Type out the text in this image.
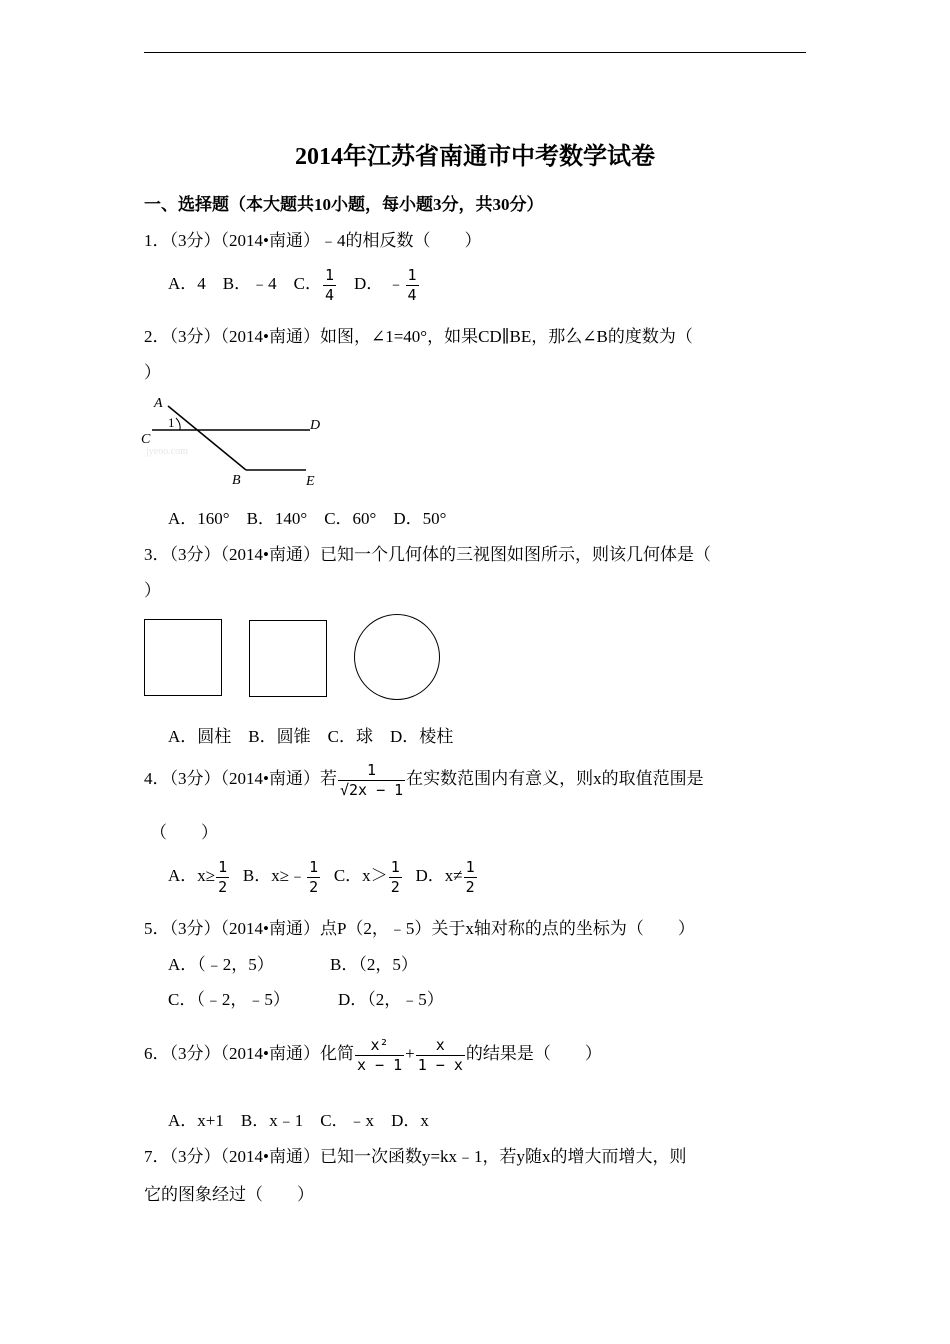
2014年江苏省南通市中考数学试卷
一、选择题（本大题共10小题，每小题3分，共30分）
1．（3分）（2014•南通）﹣4的相反数（　　）
A．4 B．﹣4 C． $\frac{1}{4}$ D． ﹣ $\frac{1}{4}$
2．（3分）（2014•南通）如图，∠1=40°，如果CD∥BE，那么∠B的度数为（
）
A
C
D
B	E
1
jyeoo.com
A．160° B．140° C．60° D．50°
3．（3分）（2014•南通）已知一个几何体的三视图如图所示，则该几何体是（
）
A．圆柱 B．圆锥 C．球 D．棱柱
4．（3分）（2014•南通）若 $\frac{1}{√2x - 1}$ 在实数范围内有意义，则x的取值范围是
（　　）
A．$x\ge \frac{1}{2}$ B．x≥﹣ $\frac{1}{2}$ C．$x> \frac{1}{2}$ D．$x\ne \frac{1}{2}$
5．（3分）（2014•南通）点P（2，﹣5）关于x轴对称的点的坐标为（　　）
A．（﹣2，5）	B．（2，5）
C．（﹣2，﹣5）	D．（2，﹣5）
6．（3分）（2014•南通）化简 $\frac{\text{x²}}{x - 1} + \frac{x}{1 - x}$ 的结果是（　　）
A．x+1 B．x﹣1 C．﹣x D．x
7．（3分）（2014•南通）已知一次函数y=kx﹣1，若y随x的增大而增大，则
它的图象经过（　　）
